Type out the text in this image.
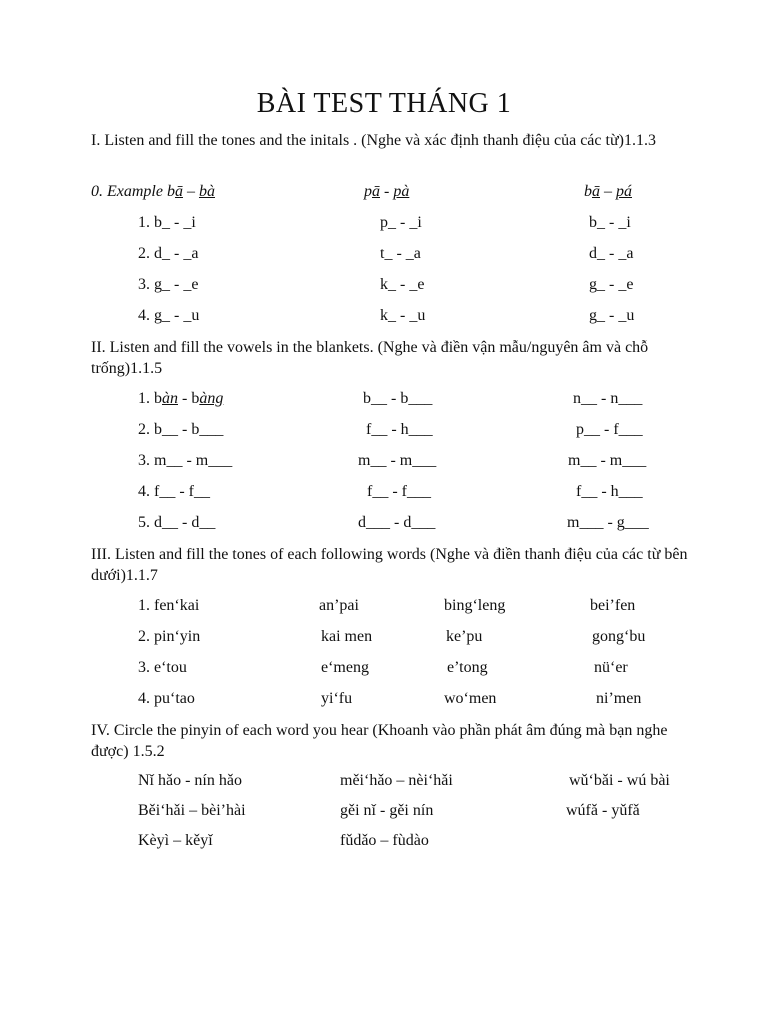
BÀI TEST THÁNG 1
I. Listen and fill the tones and the initals . (Nghe và xác định thanh điệu của các từ)1.1.3
0. Example bā – bà	pā - pà	bā – pá
1. b_ - _i	p_ - _i	b_ - _i
2. d_ - _a	t_ - _a	d_ - _a
3. g_ - _e	k_ - _e	g_ - _e
4. g_ - _u	k_ - _u	g_ - _u
II. Listen and fill the vowels in the blankets. (Nghe và điền vận mẫu/nguyên âm và chỗ trống)1.1.5
1. bàn - bàng	b__ - b___	n__ - n___
2. b__ - b___	f__ - h___	p__ - f___
3. m__ - m___	m__ - m___	m__ - m___
4. f__ - f__	f__ - f___	f__ - h___
5. d__ - d__	d___ - d___	m___ - g___
III. Listen and fill the tones of each following words (Nghe và điền thanh điệu của các từ bên dưới)1.1.7
1. fen‘kai	an’pai	bing‘leng	bei’fen
2. pin‘yin	kai men	ke’pu	gong‘bu
3. e‘tou	e‘meng	e’tong	nü‘er
4. pu‘tao	yi‘fu	wo‘men	ni’men
IV. Circle the pinyin of each word you hear (Khoanh vào phần phát âm đúng mà bạn nghe được) 1.5.2
Nǐ hǎo - nín hǎo	měi‘hǎo – nèi‘hǎi	wǔ‘bǎi - wú bài
Běi‘hǎi – bèi’hài	gěi nǐ - gěi nín	wúfǎ - yǔfǎ
Kèyì – kěyǐ	fǔdǎo – fùdào
